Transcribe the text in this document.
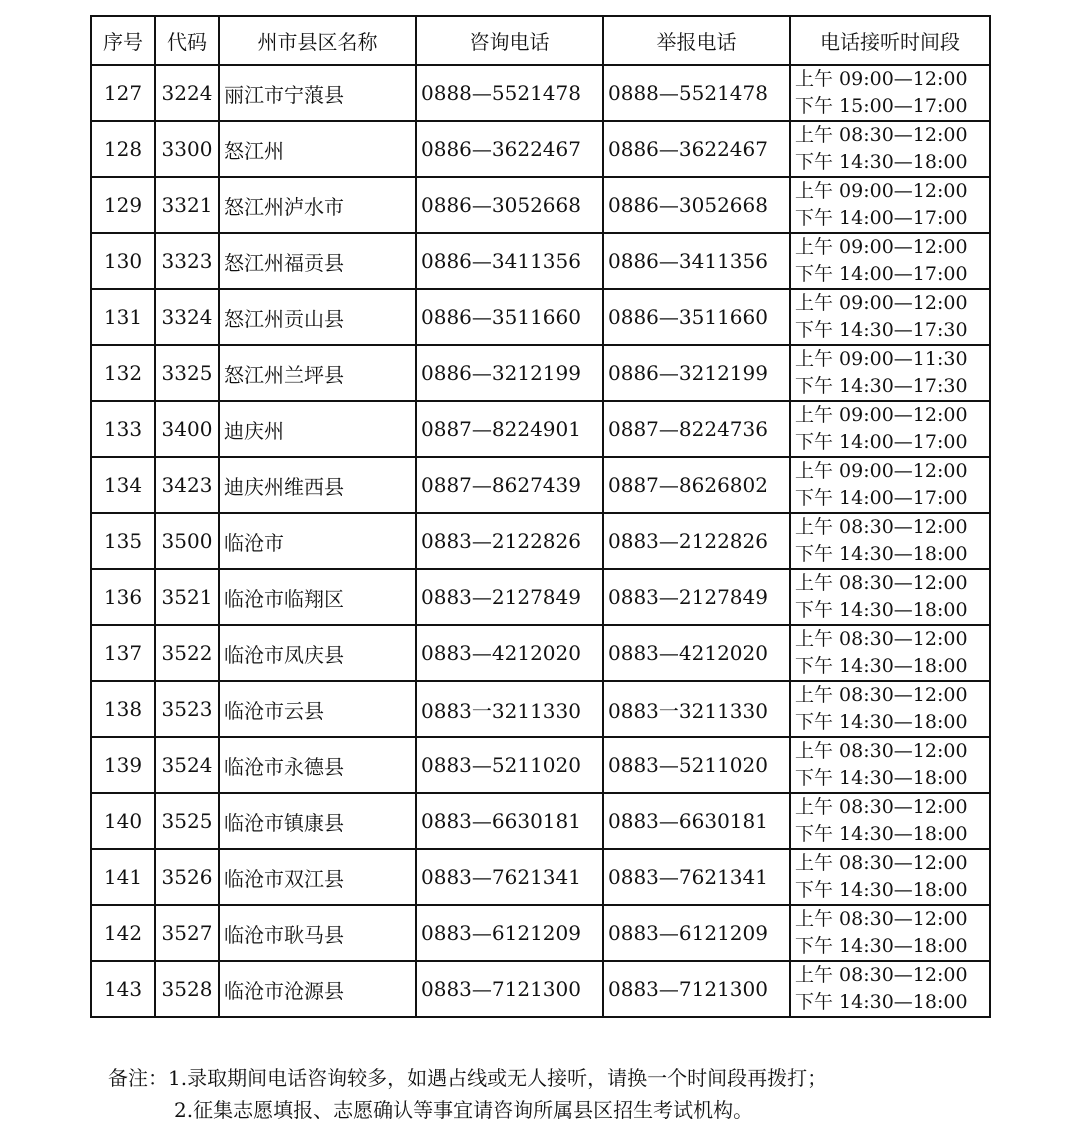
序号	代码	州市县区名称	咨询电话	举报电话	电话接听时间段
127	3224	丽江市宁蒗县	0888—5521478	0888—5521478	上午 09:00—12:00
下午 15:00—17:00

128	3300	怒江州	0886—3622467	0886—3622467	上午 08:30—12:00
下午 14:30—18:00

129	3321	怒江州泸水市	0886—3052668	0886—3052668	上午 09:00—12:00
下午 14:00—17:00

130	3323	怒江州福贡县	0886—3411356	0886—3411356	上午 09:00—12:00
下午 14:00—17:00

131	3324	怒江州贡山县	0886—3511660	0886—3511660	上午 09:00—12:00
下午 14:30—17:30

132	3325	怒江州兰坪县	0886—3212199	0886—3212199	上午 09:00—11:30
下午 14:30—17:30

133	3400	迪庆州	0887—8224901	0887—8224736	上午 09:00—12:00
下午 14:00—17:00

134	3423	迪庆州维西县	0887—8627439	0887—8626802	上午 09:00—12:00
下午 14:00—17:00

135	3500	临沧市	0883—2122826	0883—2122826	上午 08:30—12:00
下午 14:30—18:00

136	3521	临沧市临翔区	0883—2127849	0883—2127849	上午 08:30—12:00
下午 14:30—18:00

137	3522	临沧市凤庆县	0883—4212020	0883—4212020	上午 08:30—12:00
下午 14:30—18:00

138	3523	临沧市云县	0883一3211330	0883一3211330	上午 08:30—12:00
下午 14:30—18:00

139	3524	临沧市永德县	0883—5211020	0883—5211020	上午 08:30—12:00
下午 14:30—18:00

140	3525	临沧市镇康县	0883—6630181	0883—6630181	上午 08:30—12:00
下午 14:30—18:00

141	3526	临沧市双江县	0883—7621341	0883—7621341	上午 08:30—12:00
下午 14:30—18:00

142	3527	临沧市耿马县	0883—6121209	0883—6121209	上午 08:30—12:00
下午 14:30—18:00

143	3528	临沧市沧源县	0883—7121300	0883—7121300	上午 08:30—12:00
下午 14:30—18:00
备注：1.录取期间电话咨询较多，如遇占线或无人接听，请换一个时间段再拨打；
2.征集志愿填报、志愿确认等事宜请咨询所属县区招生考试机构。
